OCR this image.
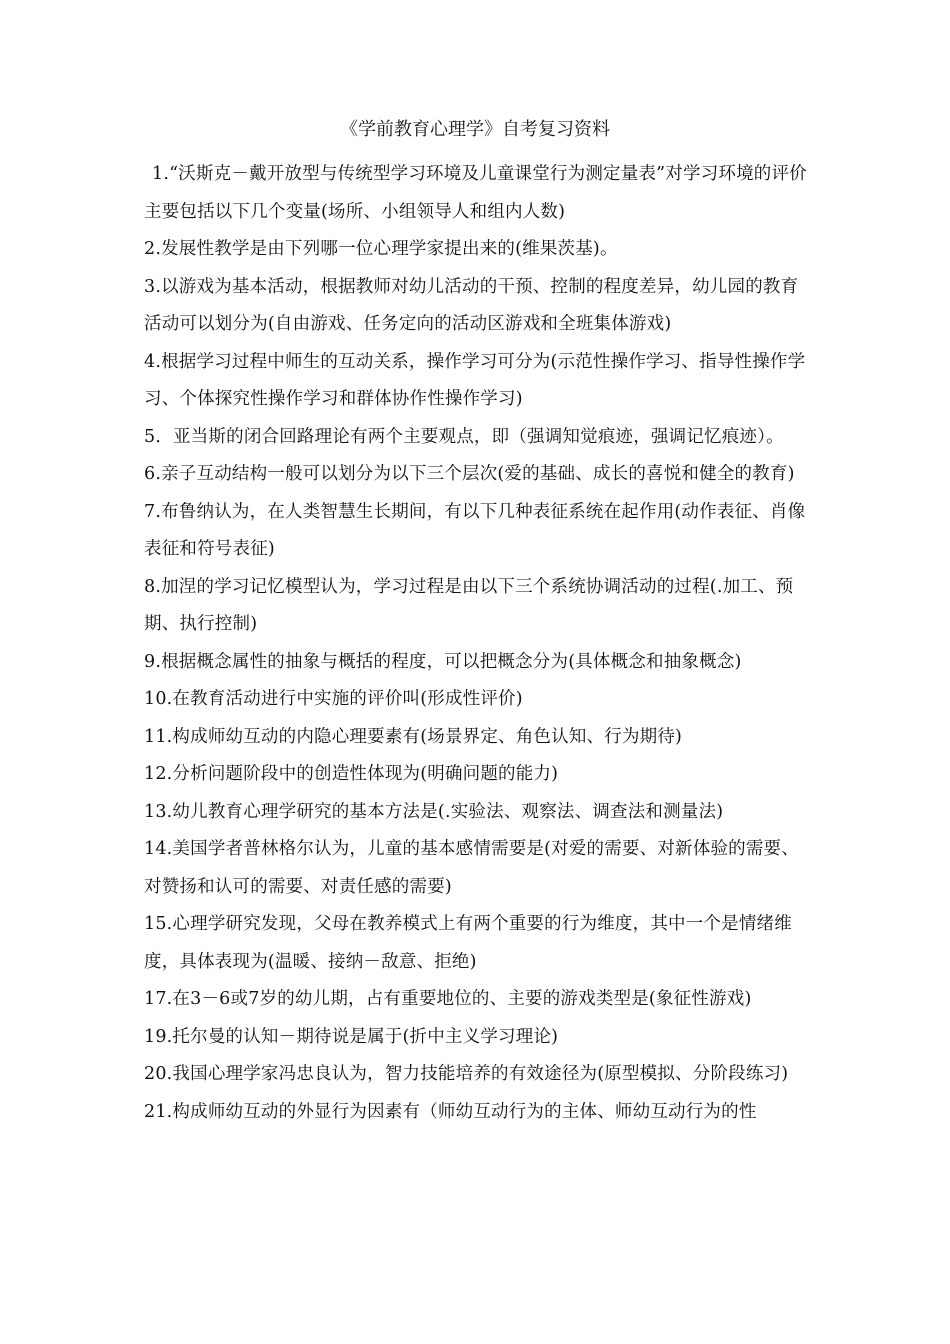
《学前教育心理学》自考复习资料

1.“沃斯克－戴开放型与传统型学习环境及儿童课堂行为测定量表”对学习环境的评价主要包括以下几个变量(场所、小组领导人和组内人数)

2.发展性教学是由下列哪一位心理学家提出来的(维果茨基)。

3.以游戏为基本活动，根据教师对幼儿活动的干预、控制的程度差异，幼儿园的教育活动可以划分为(自由游戏、任务定向的活动区游戏和全班集体游戏)

4.根据学习过程中师生的互动关系，操作学习可分为(示范性操作学习、指导性操作学习、个体探究性操作学习和群体协作性操作学习)

5．亚当斯的闭合回路理论有两个主要观点，即（强调知觉痕迹，强调记忆痕迹）。

6.亲子互动结构一般可以划分为以下三个层次(爱的基础、成长的喜悦和健全的教育)

7.布鲁纳认为，在人类智慧生长期间，有以下几种表征系统在起作用(动作表征、肖像表征和符号表征)

8.加涅的学习记忆模型认为，学习过程是由以下三个系统协调活动的过程(.加工、预期、执行控制)

9.根据概念属性的抽象与概括的程度，可以把概念分为(具体概念和抽象概念)

10.在教育活动进行中实施的评价叫(形成性评价)

11.构成师幼互动的内隐心理要素有(场景界定、角色认知、行为期待)

12.分析问题阶段中的创造性体现为(明确问题的能力)

13.幼儿教育心理学研究的基本方法是(.实验法、观察法、调查法和测量法)

14.美国学者普林格尔认为，儿童的基本感情需要是(对爱的需要、对新体验的需要、对赞扬和认可的需要、对责任感的需要)

15.心理学研究发现，父母在教养模式上有两个重要的行为维度，其中一个是情绪维度，具体表现为(温暖、接纳－敌意、拒绝)

17.在3－6或7岁的幼儿期，占有重要地位的、主要的游戏类型是(象征性游戏)

19.托尔曼的认知－期待说是属于(折中主义学习理论)

20.我国心理学家冯忠良认为，智力技能培养的有效途径为(原型模拟、分阶段练习)

21.构成师幼互动的外显行为因素有（师幼互动行为的主体、师幼互动行为的性
